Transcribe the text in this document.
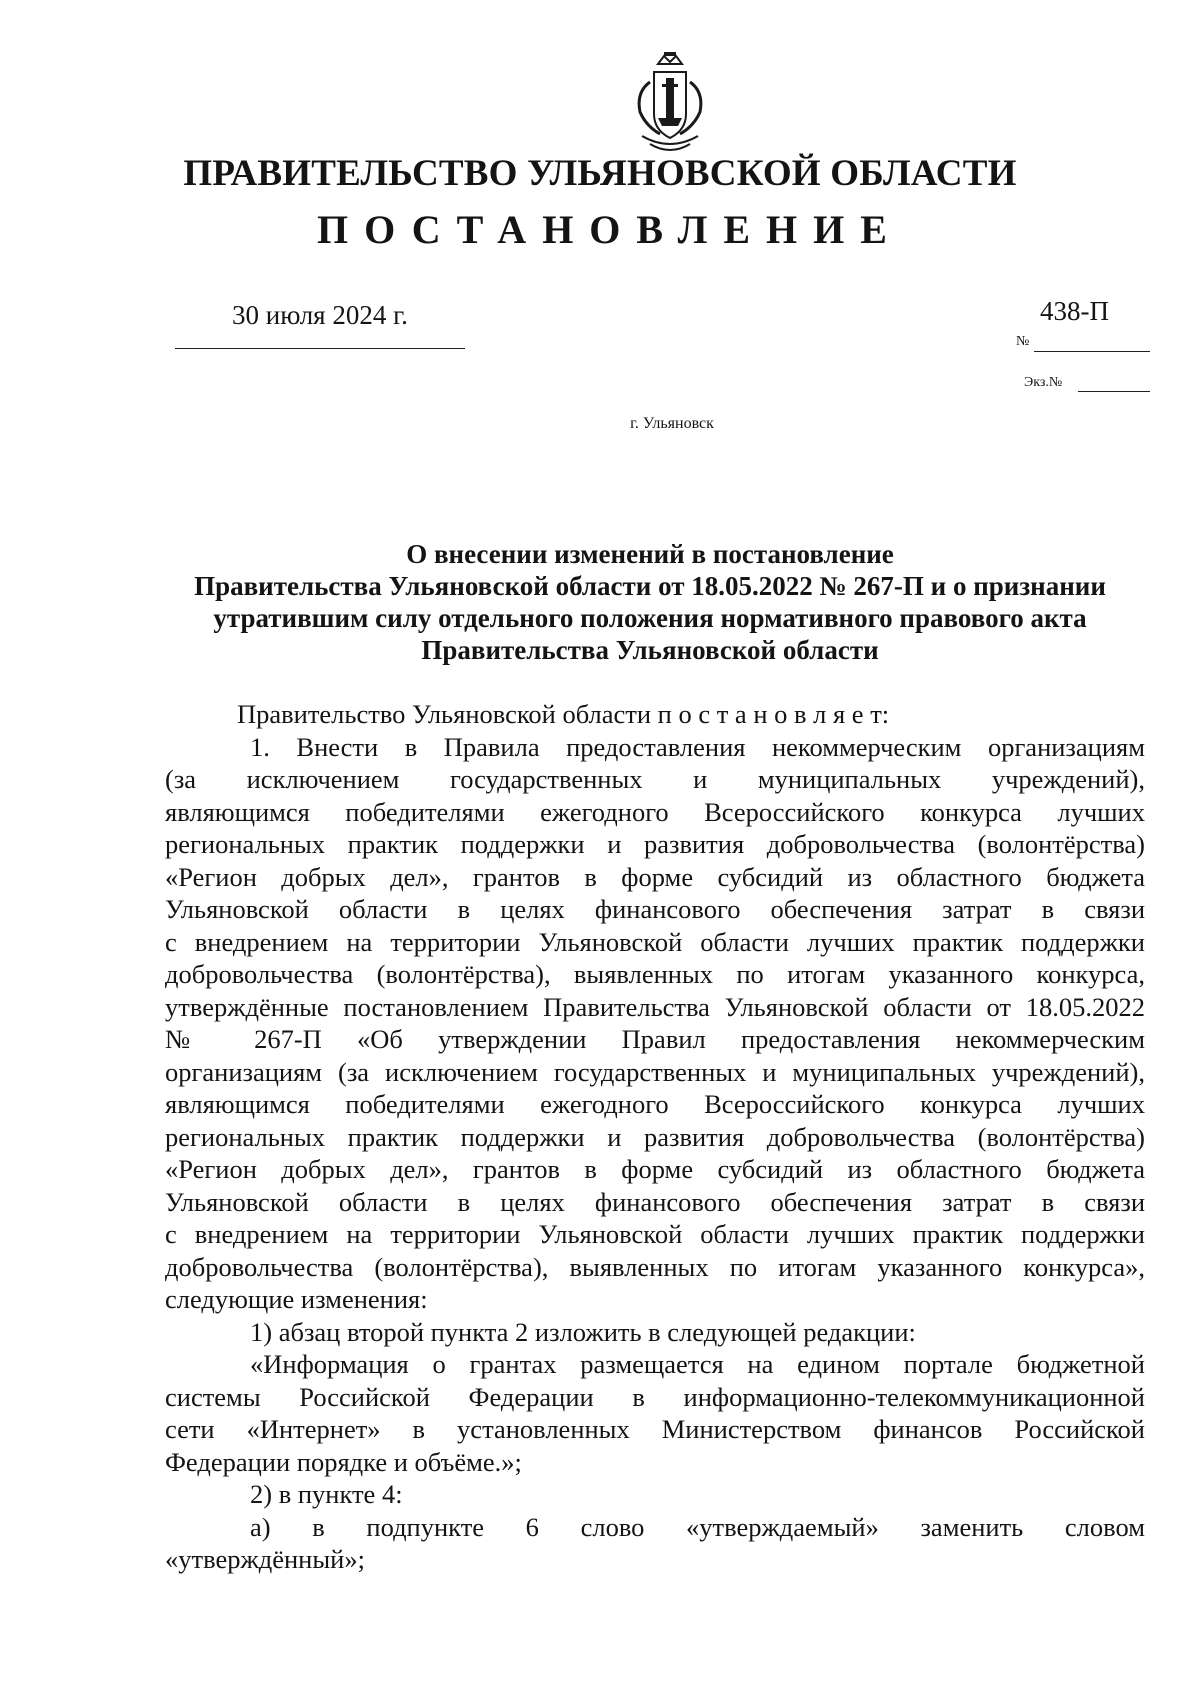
ПРАВИТЕЛЬСТВО УЛЬЯНОВСКОЙ ОБЛАСТИ
ПОСТАНОВЛЕНИЕ
30 июля 2024 г.	438-П
№
Экз.№
г. Ульяновск
О внесении изменений в постановление
Правительства Ульяновской области от 18.05.2022 № 267-П и о признании
утратившим силу отдельного положения нормативного правового акта
Правительства Ульяновской области
Правительство Ульяновской области п о с т а н о в л я е т:
1. Внести в Правила предоставления некоммерческим организациям
(за исключением государственных и муниципальных учреждений),
являющимся победителями ежегодного Всероссийского конкурса лучших
региональных практик поддержки и развития добровольчества (волонтёрства)
«Регион добрых дел», грантов в форме субсидий из областного бюджета
Ульяновской области в целях финансового обеспечения затрат в связи
с внедрением на территории Ульяновской области лучших практик поддержки
добровольчества (волонтёрства), выявленных по итогам указанного конкурса,
утверждённые постановлением Правительства Ульяновской области от 18.05.2022
№ 267-П «Об утверждении Правил предоставления некоммерческим
организациям (за исключением государственных и муниципальных учреждений),
являющимся победителями ежегодного Всероссийского конкурса лучших
региональных практик поддержки и развития добровольчества (волонтёрства)
«Регион добрых дел», грантов в форме субсидий из областного бюджета
Ульяновской области в целях финансового обеспечения затрат в связи
с внедрением на территории Ульяновской области лучших практик поддержки
добровольчества (волонтёрства), выявленных по итогам указанного конкурса»,
следующие изменения:
1) абзац второй пункта 2 изложить в следующей редакции:
«Информация о грантах размещается на едином портале бюджетной
системы Российской Федерации в информационно-телекоммуникационной
сети «Интернет» в установленных Министерством финансов Российской
Федерации порядке и объёме.»;
2) в пункте 4:
а) в подпункте 6 слово «утверждаемый» заменить словом
«утверждённый»;
